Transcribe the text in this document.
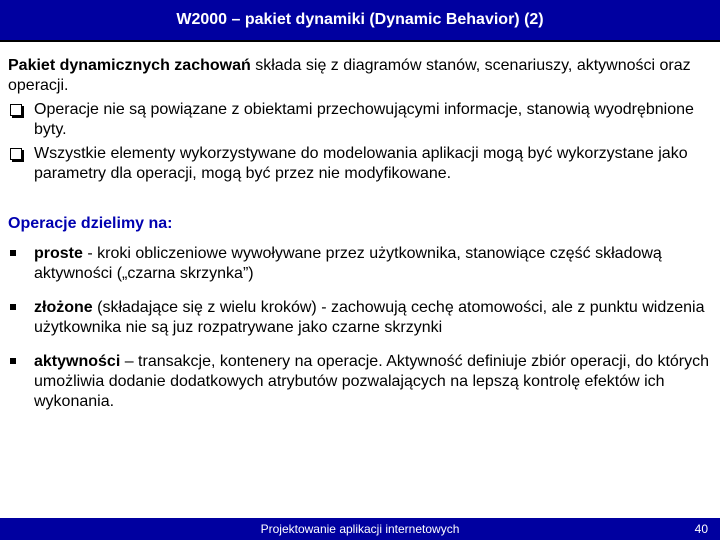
W2000 – pakiet dynamiki (Dynamic Behavior) (2)

Pakiet dynamicznych zachowań składa się z diagramów stanów, scenariuszy, aktywności oraz operacji.

Operacje nie są powiązane z obiektami przechowującymi informacje, stanowią wyodrębnione byty.
Wszystkie elementy wykorzystywane do modelowania aplikacji mogą być wykorzystane jako parametry dla operacji, mogą być przez nie modyfikowane.
Operacje dzielimy na:
proste - kroki obliczeniowe wywoływane przez użytkownika, stanowiące część składową aktywności („czarna skrzynka”)
złożone (składające się z wielu kroków) - zachowują cechę atomowości, ale z punktu widzenia użytkownika nie są juz rozpatrywane jako czarne skrzynki
aktywności – transakcje, kontenery na operacje. Aktywność definiuje zbiór operacji, do których umożliwia dodanie dodatkowych atrybutów pozwalających na lepszą kontrolę efektów ich wykonania.
Projektowanie aplikacji internetowych	40
